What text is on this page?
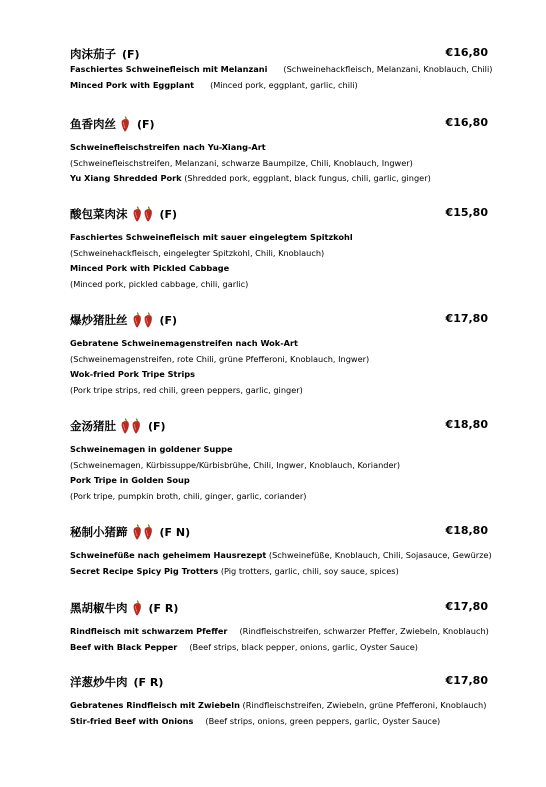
肉沫茄子 (F)	€16,80
Faschiertes Schweinefleisch mit Melanzani (Schweinehackfleisch, Melanzani, Knoblauch, Chili)
Minced Pork with Eggplant (Minced pork, eggplant, garlic, chili)
鱼香肉丝 (F)	€16,80
Schweinefleischstreifen nach Yu-Xiang-Art
(Schweinefleischstreifen, Melanzani, schwarze Baumpilze, Chili, Knoblauch, Ingwer)
Yu Xiang Shredded Pork (Shredded pork, eggplant, black fungus, chili, garlic, ginger)
酸包菜肉沫	(F)	€15,80
Faschiertes Schweinefleisch mit sauer eingelegtem Spitzkohl
(Schweinehackfleisch, eingelegter Spitzkohl, Chili, Knoblauch)
Minced Pork with Pickled Cabbage
(Minced pork, pickled cabbage, chili, garlic)
爆炒猪肚丝	(F)	€17,80
Gebratene Schweinemagenstreifen nach Wok-Art
(Schweinemagenstreifen, rote Chili, grüne Pfefferoni, Knoblauch, Ingwer)
Wok-fried Pork Tripe Strips
(Pork tripe strips, red chili, green peppers, garlic, ginger)
金汤猪肚	(F)	€18,80
Schweinemagen in goldener Suppe
(Schweinemagen, Kürbissuppe/Kürbisbrühe, Chili, Ingwer, Knoblauch, Koriander)
Pork Tripe in Golden Soup
(Pork tripe, pumpkin broth, chili, ginger, garlic, coriander)
秘制小猪蹄	(F N)	€18,80
Schweinefüße nach geheimem Hausrezept (Schweinefüße, Knoblauch, Chili, Sojasauce, Gewürze)
Secret Recipe Spicy Pig Trotters (Pig trotters, garlic, chili, soy sauce, spices)
黑胡椒牛肉 (F R)	€17,80
Rindfleisch mit schwarzem Pfeffer (Rindfleischstreifen, schwarzer Pfeffer, Zwiebeln, Knoblauch)
Beef with Black Pepper (Beef strips, black pepper, onions, garlic, Oyster Sauce)
洋葱炒牛肉 (F R)	€17,80
Gebratenes Rindfleisch mit Zwiebeln (Rindfleischstreifen, Zwiebeln, grüne Pfefferoni, Knoblauch)
Stir-fried Beef with Onions (Beef strips, onions, green peppers, garlic, Oyster Sauce)
